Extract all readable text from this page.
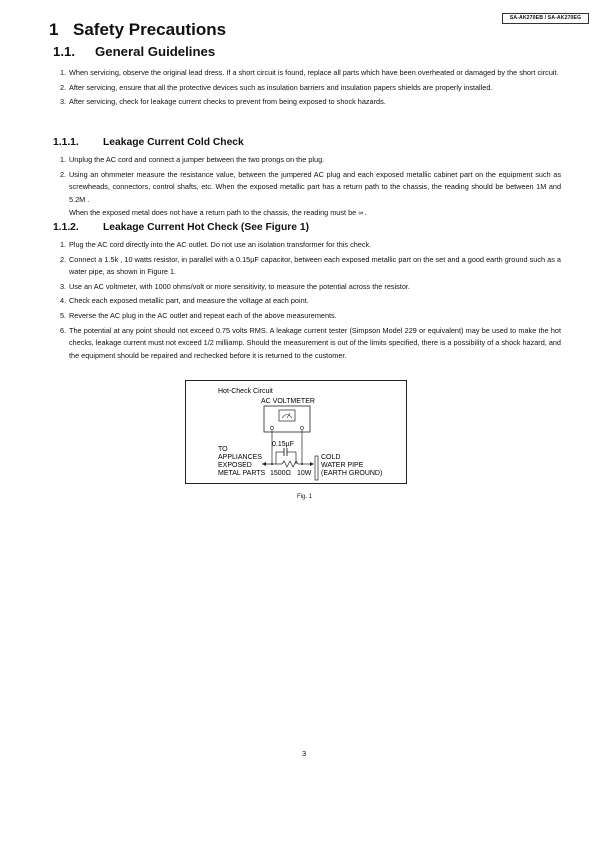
SA-AK270EB / SA-AK270EG
1 Safety Precautions
1.1. General Guidelines
1. When servicing, observe the original lead dress. If a short circuit is found, replace all parts which have been overheated or damaged by the short circuit.
2. After servicing, ensure that all the protective devices such as insulation barriers and insulation papers shields are properly installed.
3. After servicing, check for leakage current checks to prevent from being exposed to shock hazards.
1.1.1. Leakage Current Cold Check
1. Unplug the AC cord and connect a jumper between the two prongs on the plug.
2. Using an ohmmeter measure the resistance value, between the jumpered AC plug and each exposed metallic cabinet part on the equipment such as screwheads, connectors, control shafts, etc. When the exposed metallic part has a return path to the chassis, the reading should be between 1M and 5.2M .
When the exposed metal does not have a return path to the chassis, the reading must be ∞ .
1.1.2. Leakage Current Hot Check (See Figure 1)
1. Plug the AC cord directly into the AC outlet. Do not use an isolation transformer for this check.
2. Connect a 1.5k , 10 watts resistor, in parallel with a 0.15µF capacitor, between each exposed metallic part on the set and a good earth ground such as a water pipe, as shown in Figure 1.
3. Use an AC voltmeter, with 1000 ohms/volt or more sensitivity, to measure the potential across the resistor.
4. Check each exposed metallic part, and measure the voltage at each point.
5. Reverse the AC plug in the AC outlet and repeat each of the above measurements.
6. The potential at any point should not exceed 0.75 volts RMS. A leakage current tester (Simpson Model 229 or equivalent) may be used to make the hot checks, leakage current must not exceed 1/2 milliamp. Should the measurement is out of the limits specified, there is a possibility of a shock hazard, and the equipment should be repaired and rechecked before it is returned to the customer.
Hot-Check Circuit
AC VOLTMETER
0.15µF
TO
APPLIANCES
EXPOSED
METAL PARTS 1500Ω 10W
COLD
WATER PIPE
(EARTH GROUND)
Fig. 1
3
